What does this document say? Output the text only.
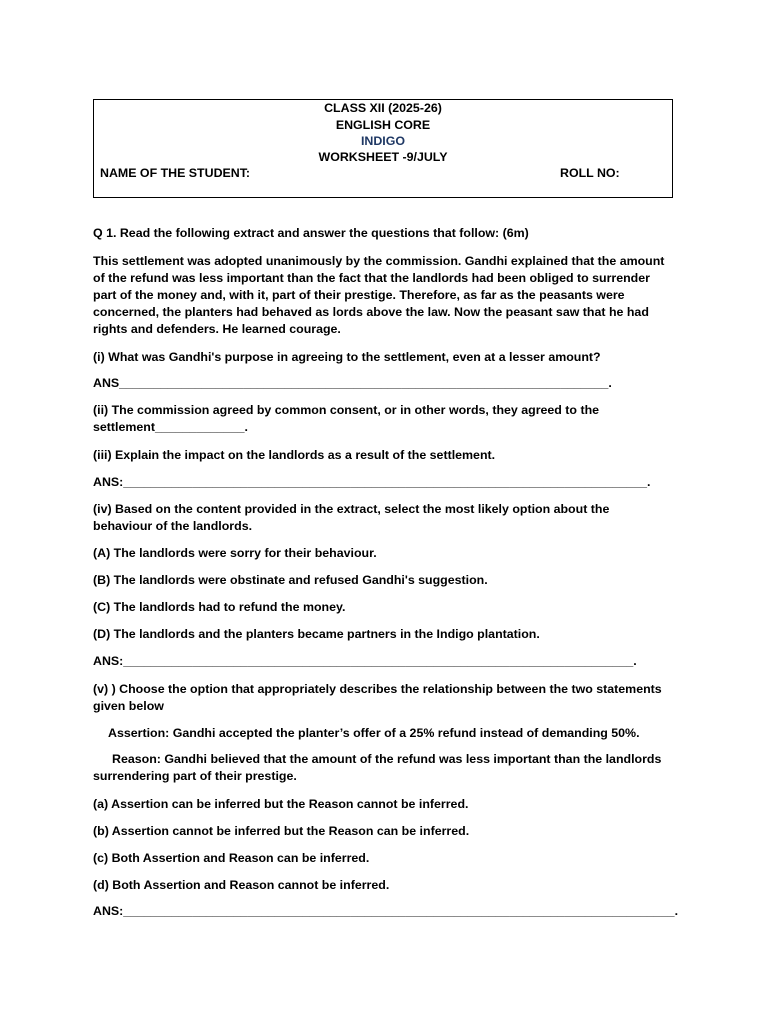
CLASS XII (2025-26)
ENGLISH CORE
INDIGO
WORKSHEET -9/JULY
NAME OF THE STUDENT:	ROLL NO:
Q 1. Read the following extract and answer the questions that follow: (6m)
This settlement was adopted unanimously by the commission. Gandhi explained that the amount
of the refund was less important than the fact that the landlords had been obliged to surrender
part of the money and, with it, part of their prestige. Therefore, as far as the peasants were
concerned, the planters had behaved as lords above the law. Now the peasant saw that he had
rights and defenders. He learned courage.
(i) What was Gandhi's purpose in agreeing to the settlement, even at a lesser amount?
ANS_______________________________________________________________________.
(ii) The commission agreed by common consent, or in other words, they agreed to the
settlement_____________.
(iii) Explain the impact on the landlords as a result of the settlement.
ANS:____________________________________________________________________________.
(iv) Based on the content provided in the extract, select the most likely option about the
behaviour of the landlords.
(A) The landlords were sorry for their behaviour.
(B) The landlords were obstinate and refused Gandhi's suggestion.
(C) The landlords had to refund the money.
(D) The landlords and the planters became partners in the Indigo plantation.
ANS:__________________________________________________________________________.
(v) ) Choose the option that appropriately describes the relationship between the two statements
given below
Assertion: Gandhi accepted the planter’s offer of a 25% refund instead of demanding 50%.
Reason: Gandhi believed that the amount of the refund was less important than the landlords
surrendering part of their prestige.
(a) Assertion can be inferred but the Reason cannot be inferred.
(b) Assertion cannot be inferred but the Reason can be inferred.
(c) Both Assertion and Reason can be inferred.
(d) Both Assertion and Reason cannot be inferred.
ANS:________________________________________________________________________________.
